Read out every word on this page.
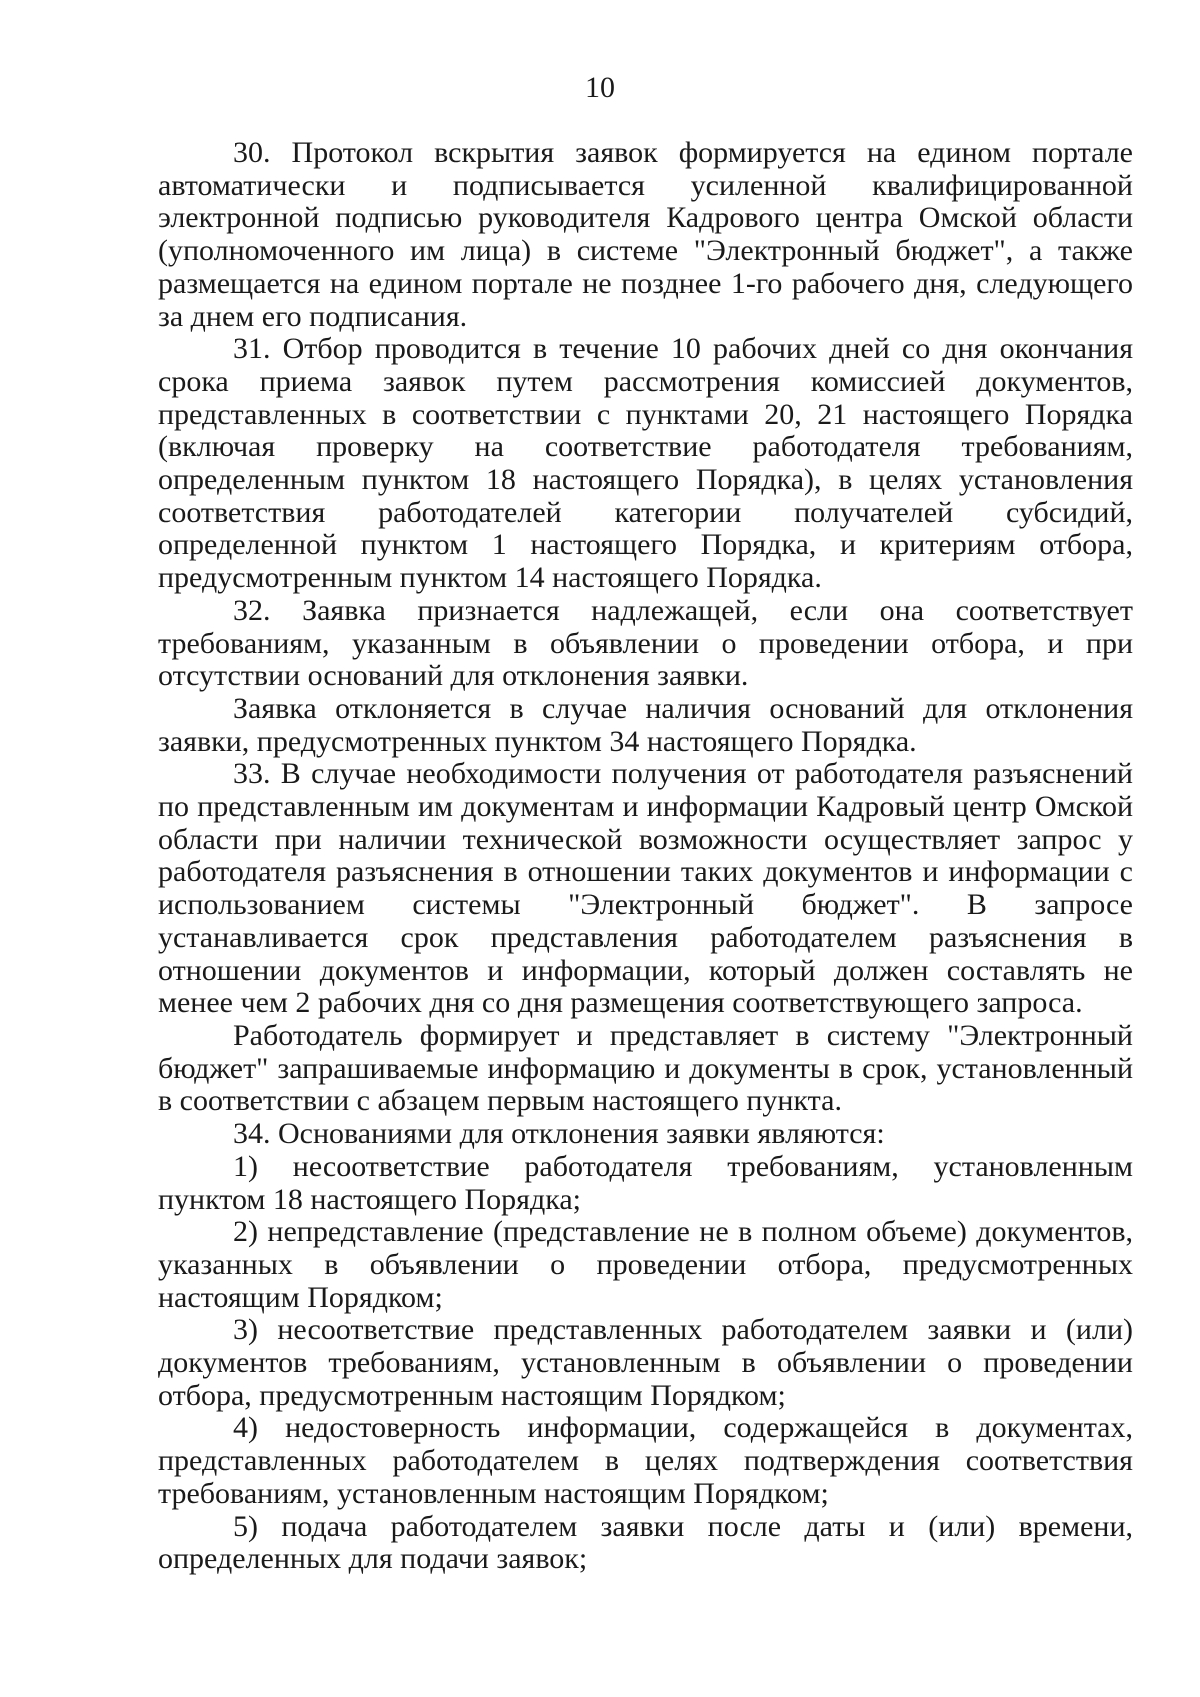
10

30. Протокол вскрытия заявок формируется на едином портале автоматически и подписывается усиленной квалифицированной электронной подписью руководителя Кадрового центра Омской области (уполномоченного им лица) в системе "Электронный бюджет", а также размещается на едином портале не позднее 1-го рабочего дня, следующего за днем его подписания.

31. Отбор проводится в течение 10 рабочих дней со дня окончания срока приема заявок путем рассмотрения комиссией документов, представленных в соответствии с пунктами 20, 21 настоящего Порядка (включая проверку на соответствие работодателя требованиям, определенным пунктом 18 настоящего Порядка), в целях установления соответствия работодателей категории получателей субсидий, определенной пунктом 1 настоящего Порядка, и критериям отбора, предусмотренным пунктом 14 настоящего Порядка.

32. Заявка признается надлежащей, если она соответствует требованиям, указанным в объявлении о проведении отбора, и при отсутствии оснований для отклонения заявки.

Заявка отклоняется в случае наличия оснований для отклонения заявки, предусмотренных пунктом 34 настоящего Порядка.

33. В случае необходимости получения от работодателя разъяснений по представленным им документам и информации Кадровый центр Омской области при наличии технической возможности осуществляет запрос у работодателя разъяснения в отношении таких документов и информации с использованием системы "Электронный бюджет". В запросе устанавливается срок представления работодателем разъяснения в отношении документов и информации, который должен составлять не менее чем 2 рабочих дня со дня размещения соответствующего запроса.

Работодатель формирует и представляет в систему "Электронный бюджет" запрашиваемые информацию и документы в срок, установленный в соответствии с абзацем первым настоящего пункта.

34. Основаниями для отклонения заявки являются:

1) несоответствие работодателя требованиям, установленным пунктом 18 настоящего Порядка;

2) непредставление (представление не в полном объеме) документов, указанных в объявлении о проведении отбора, предусмотренных настоящим Порядком;

3) несоответствие представленных работодателем заявки и (или) документов требованиям, установленным в объявлении о проведении отбора, предусмотренным настоящим Порядком;

4) недостоверность информации, содержащейся в документах, представленных работодателем в целях подтверждения соответствия требованиям, установленным настоящим Порядком;

5) подача работодателем заявки после даты и (или) времени, определенных для подачи заявок;
